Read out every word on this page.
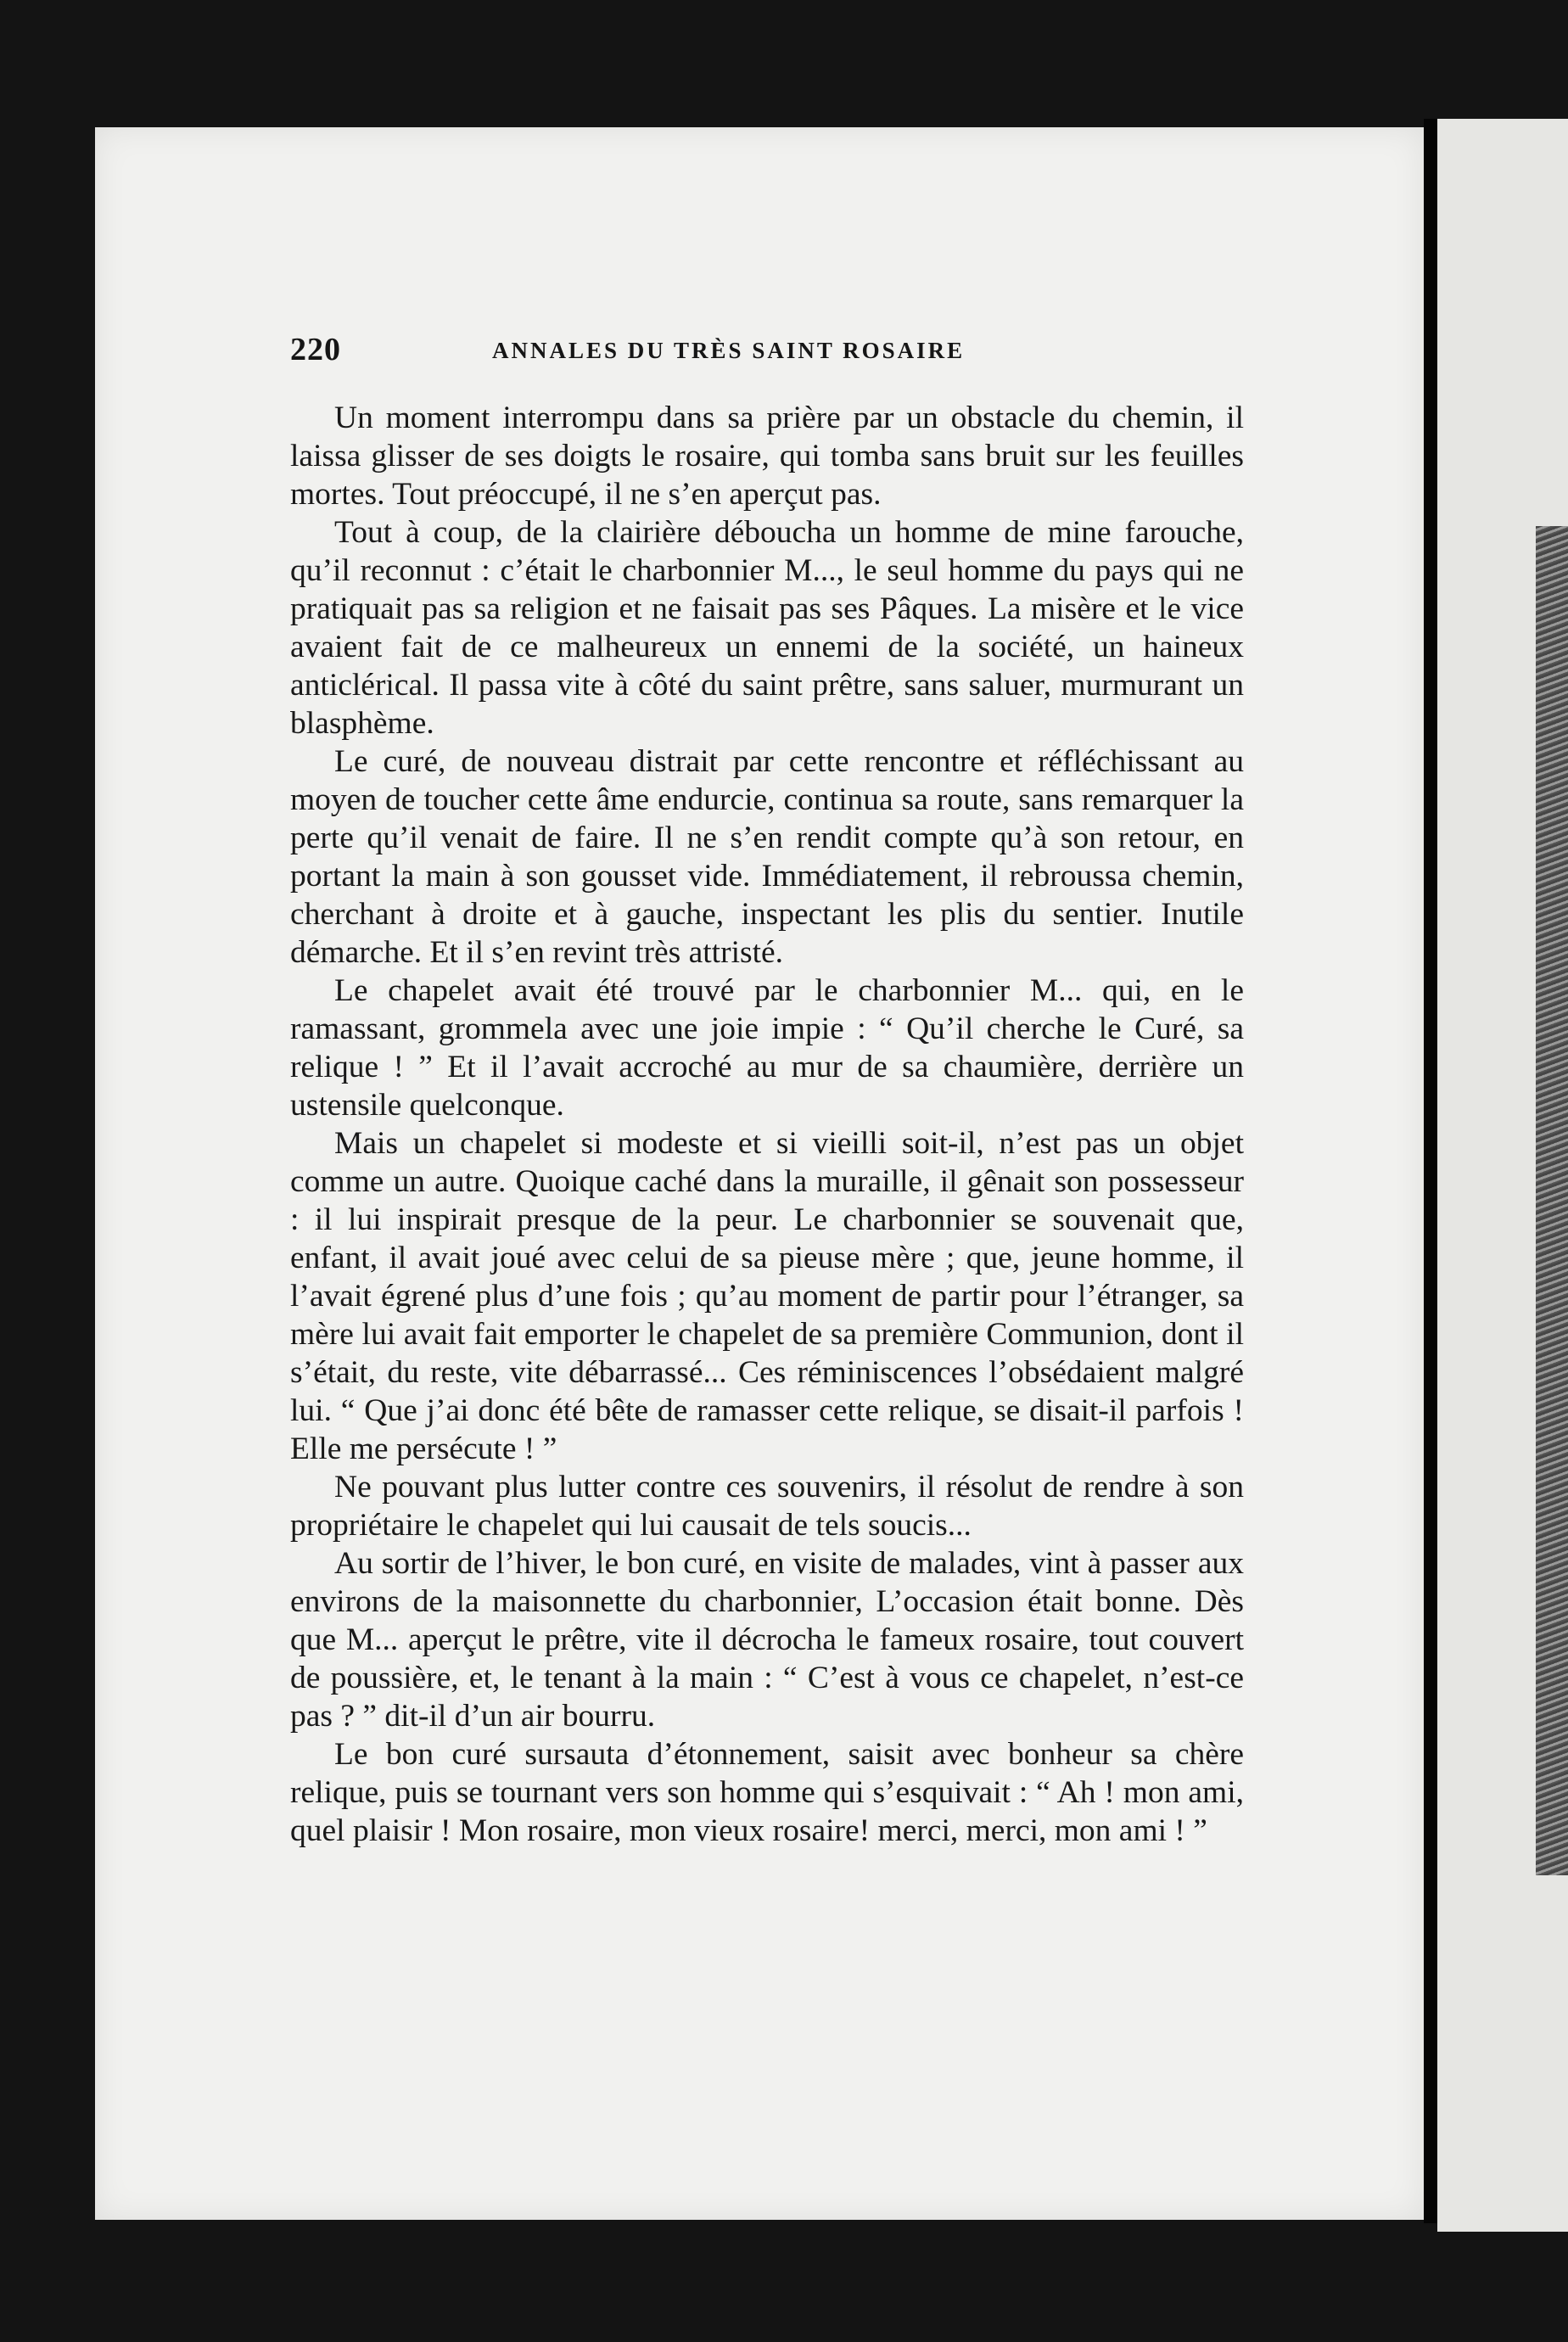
220	ANNALES DU TRÈS SAINT ROSAIRE

Un moment interrompu dans sa prière par un obstacle du chemin, il laissa glisser de ses doigts le rosaire, qui tomba sans bruit sur les feuilles mortes. Tout préoccupé, il ne s’en aperçut pas.

Tout à coup, de la clairière déboucha un homme de mine farouche, qu’il reconnut : c’était le charbonnier M..., le seul homme du pays qui ne pratiquait pas sa religion et ne faisait pas ses Pâques. La misère et le vice avaient fait de ce malheureux un ennemi de la société, un haineux anticlérical. Il passa vite à côté du saint prêtre, sans saluer, murmurant un blasphème.

Le curé, de nouveau distrait par cette rencontre et réfléchissant au moyen de toucher cette âme endurcie, continua sa route, sans remarquer la perte qu’il venait de faire. Il ne s’en rendit compte qu’à son retour, en portant la main à son gousset vide. Immédiatement, il rebroussa chemin, cherchant à droite et à gauche, inspectant les plis du sentier. Inutile démarche. Et il s’en revint très attristé.

Le chapelet avait été trouvé par le charbonnier M... qui, en le ramassant, grommela avec une joie impie : “ Qu’il cherche le Curé, sa relique ! ” Et il l’avait accroché au mur de sa chaumière, derrière un ustensile quelconque.

Mais un chapelet si modeste et si vieilli soit-il, n’est pas un objet comme un autre. Quoique caché dans la muraille, il gênait son possesseur : il lui inspirait presque de la peur. Le charbonnier se souvenait que, enfant, il avait joué avec celui de sa pieuse mère ; que, jeune homme, il l’avait égrené plus d’une fois ; qu’au moment de partir pour l’étranger, sa mère lui avait fait emporter le chapelet de sa première Communion, dont il s’était, du reste, vite débarrassé... Ces réminiscences l’obsédaient malgré lui. “ Que j’ai donc été bête de ramasser cette relique, se disait-il parfois ! Elle me persécute ! ”

Ne pouvant plus lutter contre ces souvenirs, il résolut de rendre à son propriétaire le chapelet qui lui causait de tels soucis...

Au sortir de l’hiver, le bon curé, en visite de malades, vint à passer aux environs de la maisonnette du charbonnier, L’occasion était bonne. Dès que M... aperçut le prêtre, vite il décrocha le fameux rosaire, tout couvert de poussière, et, le tenant à la main : “ C’est à vous ce chapelet, n’est-ce pas ? ” dit-il d’un air bourru.

Le bon curé sursauta d’étonnement, saisit avec bonheur sa chère relique, puis se tournant vers son homme qui s’esquivait : “ Ah ! mon ami, quel plaisir ! Mon rosaire, mon vieux rosaire! merci, merci, mon ami ! ”
